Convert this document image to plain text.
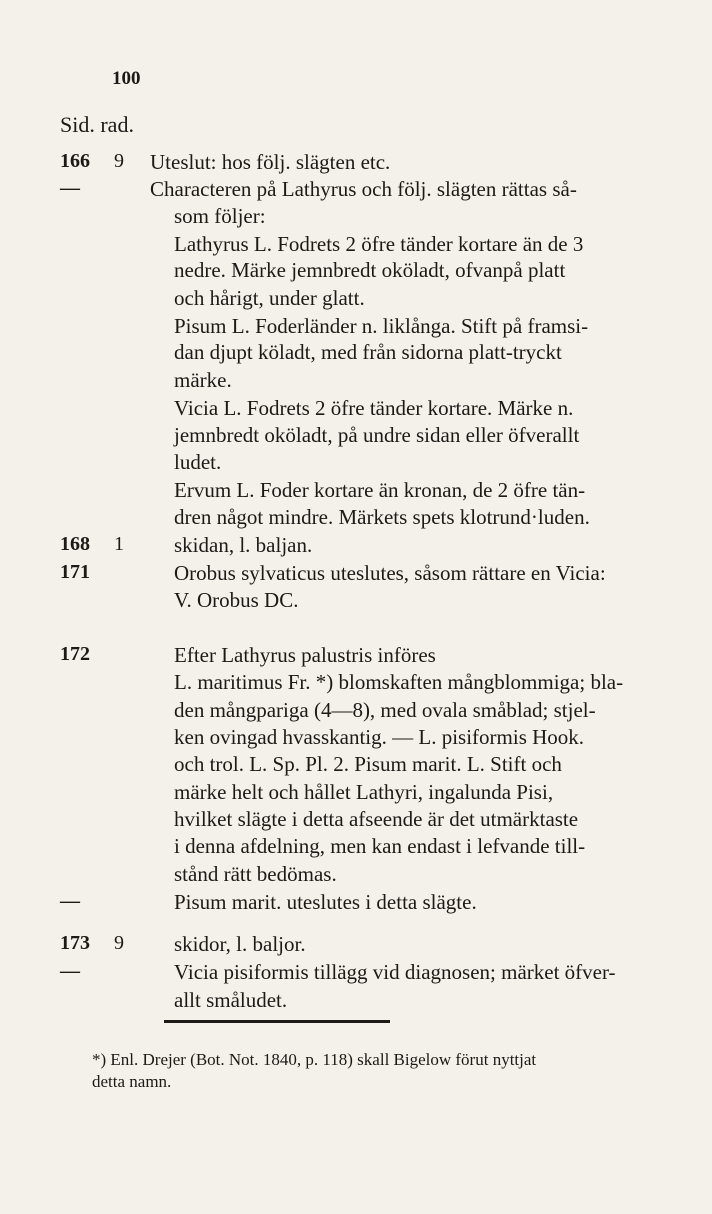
100
Sid. rad.
166 9 Uteslut: hos följ. slägten etc.
—	Characteren på Lathyrus och följ. slägten rättas så-
som följer:
Lathyrus L. Fodrets 2 öfre tänder kortare än de 3
nedre. Märke jemnbredt oköladt, ofvanpå platt
och hårigt, under glatt.
Pisum L. Foderländer n. liklånga. Stift på framsi-
dan djupt köladt, med från sidorna platt-tryckt
märke.
Vicia L. Fodrets 2 öfre tänder kortare. Märke n.
jemnbredt oköladt, på undre sidan eller öfverallt
ludet.
Ervum L. Foder kortare än kronan, de 2 öfre tän-
dren något mindre. Märkets spets klotrund·luden.
168 1 skidan, l. baljan.
171	Orobus sylvaticus uteslutes, såsom rättare en Vicia:
V. Orobus DC.
172	Efter Lathyrus palustris införes
L. maritimus Fr. *) blomskaften mångblommiga; bla-
den mångpariga (4—8), med ovala småblad; stjel-
ken ovingad hvasskantig. — L. pisiformis Hook.
och trol. L. Sp. Pl. 2. Pisum marit. L. Stift och
märke helt och hållet Lathyri, ingalunda Pisi,
hvilket slägte i detta afseende är det utmärktaste
i denna afdelning, men kan endast i lefvande till-
stånd rätt bedömas.
—	Pisum marit. uteslutes i detta slägte.
173 9 skidor, l. baljor.
—	Vicia pisiformis tillägg vid diagnosen; märket öfver-
allt småludet.
*) Enl. Drejer (Bot. Not. 1840, p. 118) skall Bigelow förut nyttjat
detta namn.
